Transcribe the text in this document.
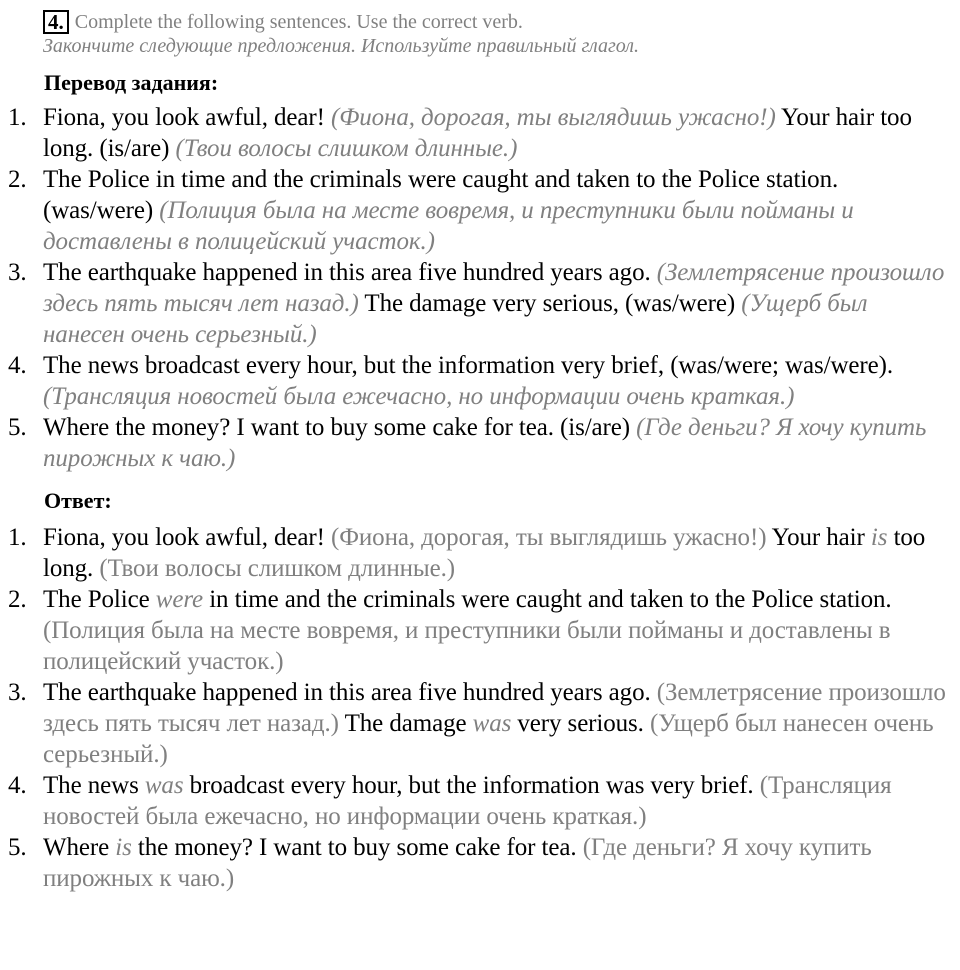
4. Complete the following sentences. Use the correct verb.
Закончите следующие предложения. Используйте правильный глагол.
Перевод задания:
1. Fiona, you look awful, dear! (Фиона, дорогая, ты выглядишь ужасно!) Your hair too long. (is/are) (Твои волосы слишком длинные.)
2. The Police in time and the criminals were caught and taken to the Police station. (was/were) (Полиция была на месте вовремя, и преступники были пойманы и доставлены в полицейский участок.)
3. The earthquake happened in this area five hundred years ago. (Землетрясение произошло здесь пять тысяч лет назад.) The damage very serious, (was/were) (Ущерб был нанесен очень серьезный.)
4. The news broadcast every hour, but the information very brief, (was/were; was/were). (Трансляция новостей была ежечасно, но информации очень краткая.)
5. Where the money? I want to buy some cake for tea. (is/are) (Где деньги? Я хочу купить пирожных к чаю.)
Ответ:
1. Fiona, you look awful, dear! (Фиона, дорогая, ты выглядишь ужасно!) Your hair is too long. (Твои волосы слишком длинные.)
2. The Police were in time and the criminals were caught and taken to the Police station. (Полиция была на месте вовремя, и преступники были пойманы и доставлены в полицейский участок.)
3. The earthquake happened in this area five hundred years ago. (Землетрясение произошло здесь пять тысяч лет назад.) The damage was very serious. (Ущерб был нанесен очень серьезный.)
4. The news was broadcast every hour, but the information was very brief. (Трансляция новостей была ежечасно, но информации очень краткая.)
5. Where is the money? I want to buy some cake for tea. (Где деньги? Я хочу купить пирожных к чаю.)
